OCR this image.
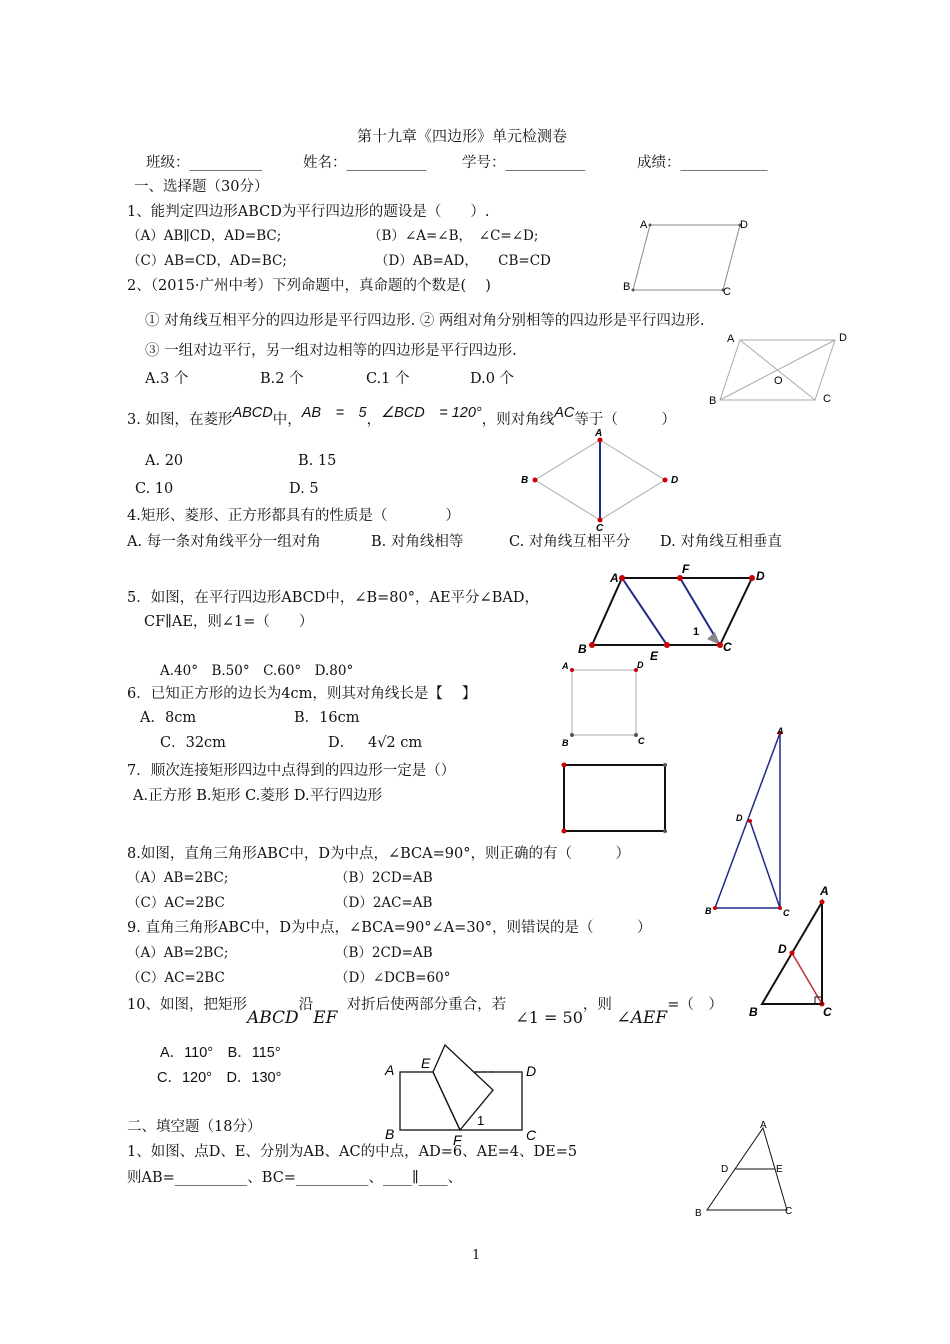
第十九章《四边形》单元检测卷
班级：__________	姓名：___________ 学号：___________	成绩：____________
一、选择题（30分）
1、能判定四边形ABCD为平行四边形的题设是（　　）.
（A）AB∥CD，AD=BC;	（B）∠A=∠B，　∠C=∠D;
（C）AB=CD，AD=BC;	（D）AB=AD，　　CB=CD
2、（2015·广州中考）下列命题中，真命题的个数是(　 )
① 对角线互相平分的四边形是平行四边形. ② 两组对角分别相等的四边形是平行四边形.
③ 一组对边平行，另一组对边相等的四边形是平行四边形.
A.3 个	B.2 个	C.1 个	D.0 个
3. 如图，在菱形ABCD中，AB　=　5，∠BCD　= 120°，则对角线AC等于（　　　）
A. 20	B. 15
C. 10	D. 5
4.矩形、菱形、正方形都具有的性质是（　　　　）
A. 每一条对角线平分一组对角	B. 对角线相等	C. 对角线互相平分 D. 对角线互相垂直
5．如图，在平行四边形ABCD中，∠B=80°，AE平分∠BAD，
CF∥AE，则∠1=（　　）
A.40°　B.50°　C.60°　D.80°
6．已知正方形的边长为4cm，则其对角线长是【　 】
A．8cm	B．16cm
C．32cm	D． 4√2 cm
7．顺次连接矩形四边中点得到的四边形一定是（）
A.正方形 B.矩形 C.菱形 D.平行四边形
8.如图，直角三角形ABC中，D为中点，∠BCA=90°，则正确的有（　　　）
（A）AB=2BC;	（B）2CD=AB
（C）AC=2BC	（D）2AC=AB
9. 直角三角形ABC中，D为中点，∠BCA=90°∠A=30°，则错误的是（　　　）
（A）AB=2BC;	（B）2CD=AB
（C）AC=2BC	（D）∠DCB=60°
10、如图，把矩形ABCD沿EF  对折后使两部分重合，若  ∠1 = 50，则 ∠AEF=（　）
A．110°　B．115°
C．120°　D．130°
二、填空题（18分）
1、如图、点D、E、分别为AB、AC的中点，AD=6、AE=4、DE=5
则AB=__________、BC=__________、____∥____、
1
A	D
B	C
A	D
B	C
O
A
D
C
B
A
F	D
B	E
C
1
A	D
B	C
A
D
B	C
A
D
B	C
A E	D
B	F	C
1	A
D	E
B	C
